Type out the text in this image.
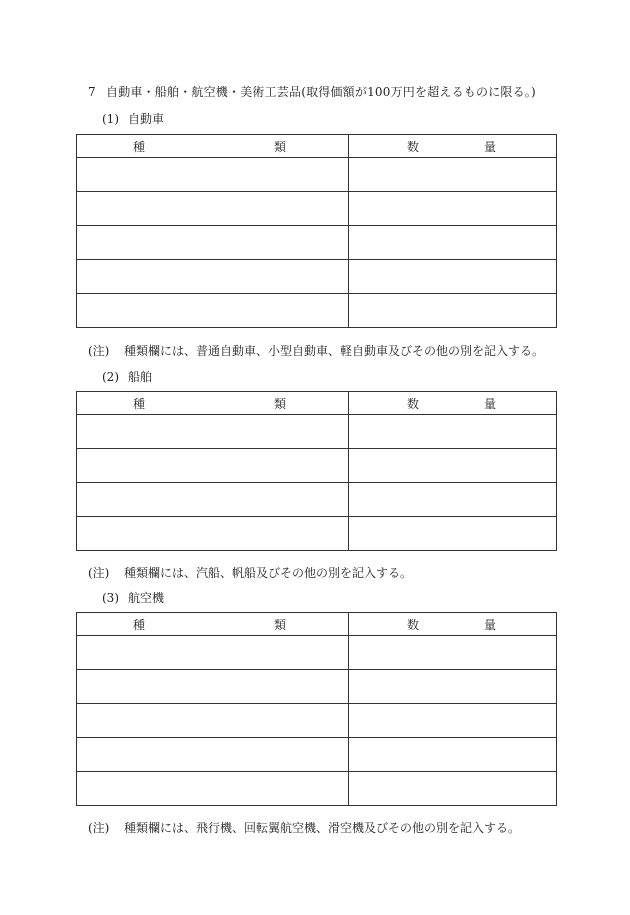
7 自動車・船舶・航空機・美術工芸品(取得価額が100万円を超えるものに限る。)
(1) 自動車
種 類	数 量

(注) 種類欄には、普通自動車、小型自動車、軽自動車及びその他の別を記入する。
(2) 船舶
種 類	数 量

(注) 種類欄には、汽船、帆船及びその他の別を記入する。
(3) 航空機
種 類	数 量

(注) 種類欄には、飛行機、回転翼航空機、滑空機及びその他の別を記入する。
